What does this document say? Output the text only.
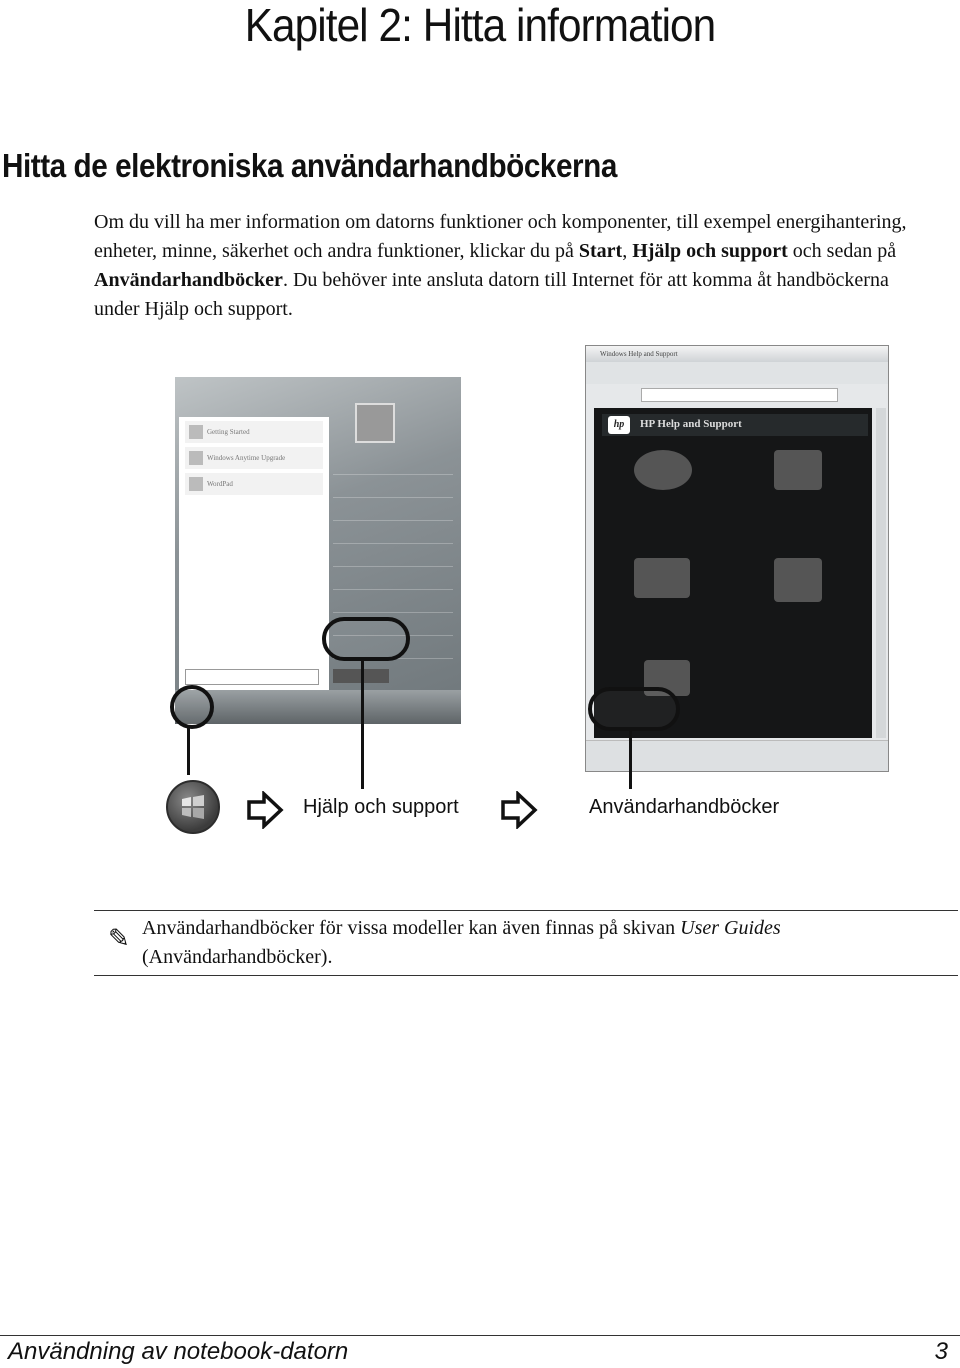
Kapitel 2: Hitta information
Hitta de elektroniska användarhandböckerna

Om du vill ha mer information om datorns funktioner och komponenter, till exempel energihantering, enheter, minne, säkerhet och andra funktioner, klickar du på Start, Hjälp och support och sedan på Användarhandböcker. Du behöver inte ansluta datorn till Internet för att komma åt handböckerna under Hjälp och support.

Getting Started
Windows Anytime Upgrade
WordPad
Windows Help and Support
hp	HP Help and Support
Hjälp och support	Användarhandböcker
✎ Användarhandböcker för vissa modeller kan även finnas på skivan User Guides (Användarhandböcker).

Användning av notebook-datorn	3
